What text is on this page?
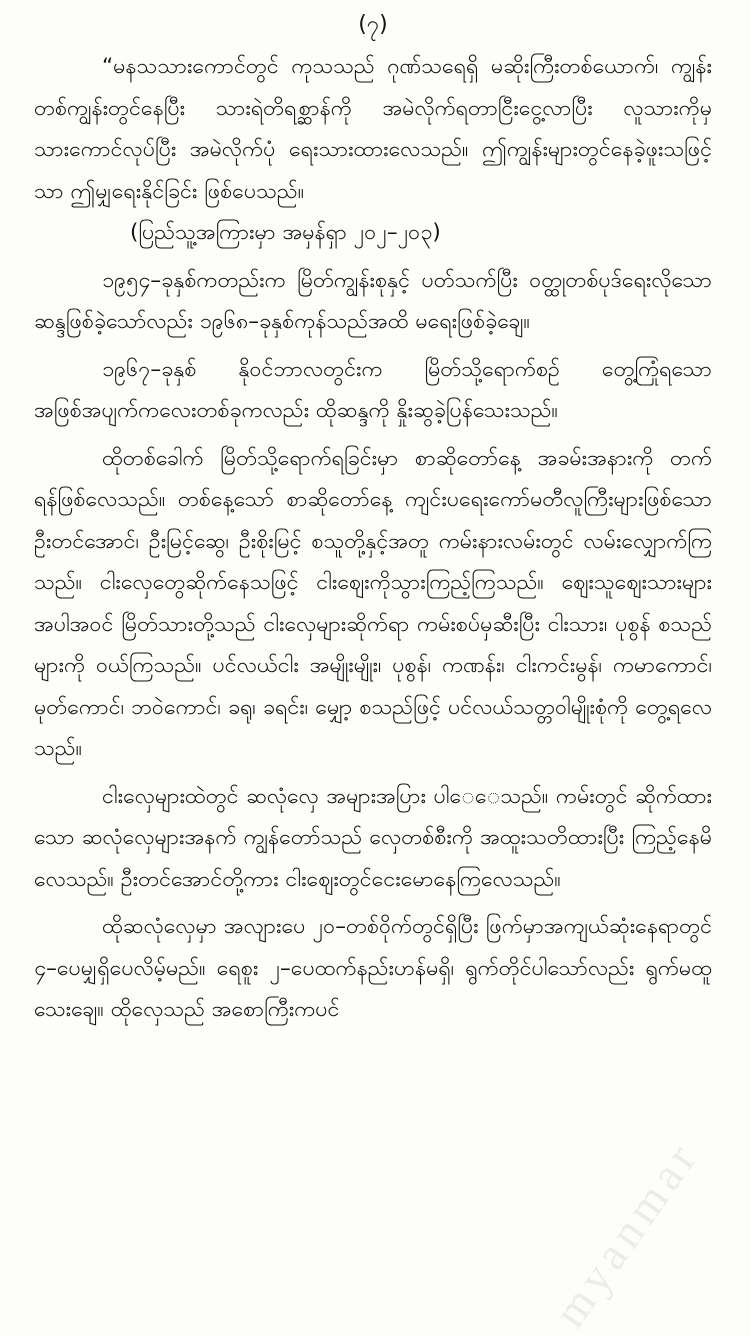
(၇)

“မနသသားကောင်တွင် ကုသသည် ဂုဏ်သရေရှိ မဆိုးကြီးတစ်ယောက်၊ ကျွန်းတစ်ကျွန်းတွင်နေပြီး သားရဲတိရစ္ဆာန်ကို အမဲလိုက်ရတာငြီးငွေ့လာပြီး လူသားကိုမှ သားကောင်လုပ်ပြီး အမဲလိုက်ပုံ ရေးသားထားလေသည်။ ဤကျွန်းများတွင်နေခဲ့ဖူးသဖြင့်သာ ဤမျှရေးနိုင်ခြင်း ဖြစ်ပေသည်။

(ပြည်သူ့အကြားမှာ အမှန်ရှာ ၂၀၂–၂၀၃)

၁၉၅၄–ခုနှစ်ကတည်းက မြိတ်ကျွန်းစုနှင့် ပတ်သက်ပြီး ဝတ္ထုတစ်ပုဒ်ရေးလိုသော ဆန္ဒဖြစ်ခဲ့သော်လည်း ၁၉၆၈–ခုနှစ်ကုန်သည်အထိ မရေးဖြစ်ခဲ့ချေ။

၁၉၆၇–ခုနှစ် နိုဝင်ဘာလတွင်းက မြိတ်သို့ရောက်စဉ် တွေ့ကြုံရသော အဖြစ်အပျက်ကလေးတစ်ခုကလည်း ထိုဆန္ဒကို နှိုးဆွခဲ့ပြန်သေးသည်။

ထိုတစ်ခေါက် မြိတ်သို့ရောက်ရခြင်းမှာ စာဆိုတော်နေ့ အခမ်းအနားကို တက်ရန်ဖြစ်လေသည်။ တစ်နေ့သော် စာဆိုတော်နေ့ ကျင်းပရေးကော်မတီလူကြီးများဖြစ်သော ဦးတင်အောင်၊ ဦးမြင့်ဆွေ၊ ဦးစိုးမြင့် စသူတို့နှင့်အတူ ကမ်းနားလမ်းတွင် လမ်းလျှောက်ကြသည်။ ငါးလှေတွေဆိုက်နေသဖြင့် ငါးဈေးကိုသွားကြည့်ကြသည်။ ဈေးသူဈေးသားများ အပါအဝင် မြိတ်သားတို့သည် ငါးလှေများဆိုက်ရာ ကမ်းစပ်မှဆီးပြီး ငါးသား၊ ပုစွန် စသည်များကို ဝယ်ကြသည်။ ပင်လယ်ငါး အမျိုးမျိုး၊ ပုစွန်၊ ကဏန်း၊ ငါးကင်းမွန်၊ ကမာကောင်၊ မုတ်ကောင်၊ ဘဝဲကောင်၊ ခရု၊ ခရင်း၊ မျှော့ စသည်ဖြင့် ပင်လယ်သတ္တဝါမျိုးစုံကို တွေ့ရလေသည်။

ငါးလှေများထဲတွင် ဆလုံလှေ အများအပြား ပါ‌ေ‌ေသည်။ ကမ်းတွင် ဆိုက်ထားသော ဆလုံလှေများအနက် ကျွန်တော်သည် လှေတစ်စီးကို အထူးသတိထားပြီး ကြည့်နေမိလေသည်။ ဦးတင်အောင်တို့ကား ငါးဈေးတွင်ငေးမောနေကြလေသည်။

ထိုဆလုံလှေမှာ အလျားပေ ၂၀–တစ်ဝိုက်တွင်ရှိပြီး ဖြက်မှာအကျယ်ဆုံးနေရာတွင် ၄–ပေမျှရှိပေလိမ့်မည်။ ရေစူး ၂–ပေထက်နည်းဟန်မရှိ၊ ရွက်တိုင်ပါသော်လည်း ရွက်မထူသေးချေ။ ထိုလှေသည် အစောကြီးကပင်

myanmar
